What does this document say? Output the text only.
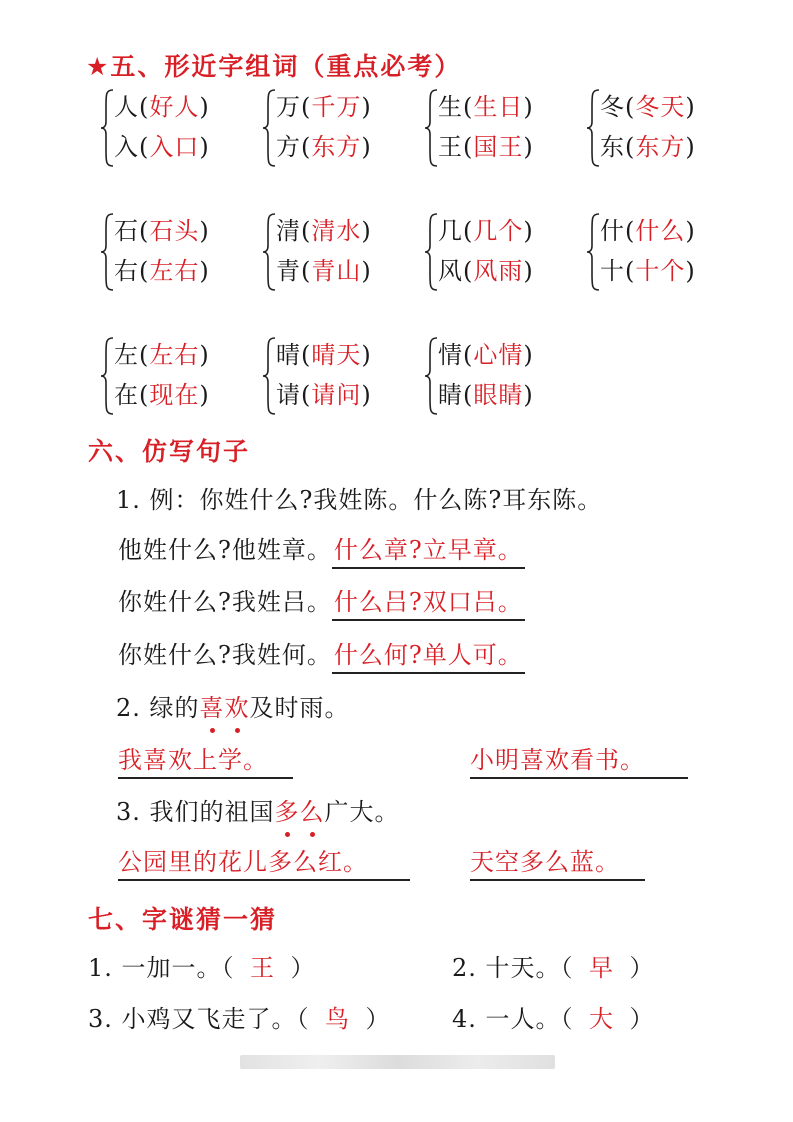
★五、形近字组词（重点必考）
人(好人)
入(入口)
万(千万)
方(东方)
生(生日)
王(国王)
冬(冬天)
东(东方)
石(石头)
右(左右)
清(清水)
青(青山)
几(几个)
风(风雨)
什(什么)
十(十个)
左(左右)
在(现在)
晴(晴天)
请(请问)
情(心情)
睛(眼睛)
六、仿写句子
1. 例：你姓什么?我姓陈。什么陈?耳东陈。
他姓什么?他姓章。什么章?立早章。
你姓什么?我姓吕。什么吕?双口吕。
你姓什么?我姓何。什么何?单人可。
2. 绿的喜欢及时雨。
我喜欢上学。	小明喜欢看书。
3. 我们的祖国多么广大。
公园里的花儿多么红。	天空多么蓝。
七、字谜猜一猜
1. 一加一。（ 王 ）	2. 十天。（ 早 ）
3. 小鸡又飞走了。（ 鸟 ）	4. 一人。（ 大 ）
